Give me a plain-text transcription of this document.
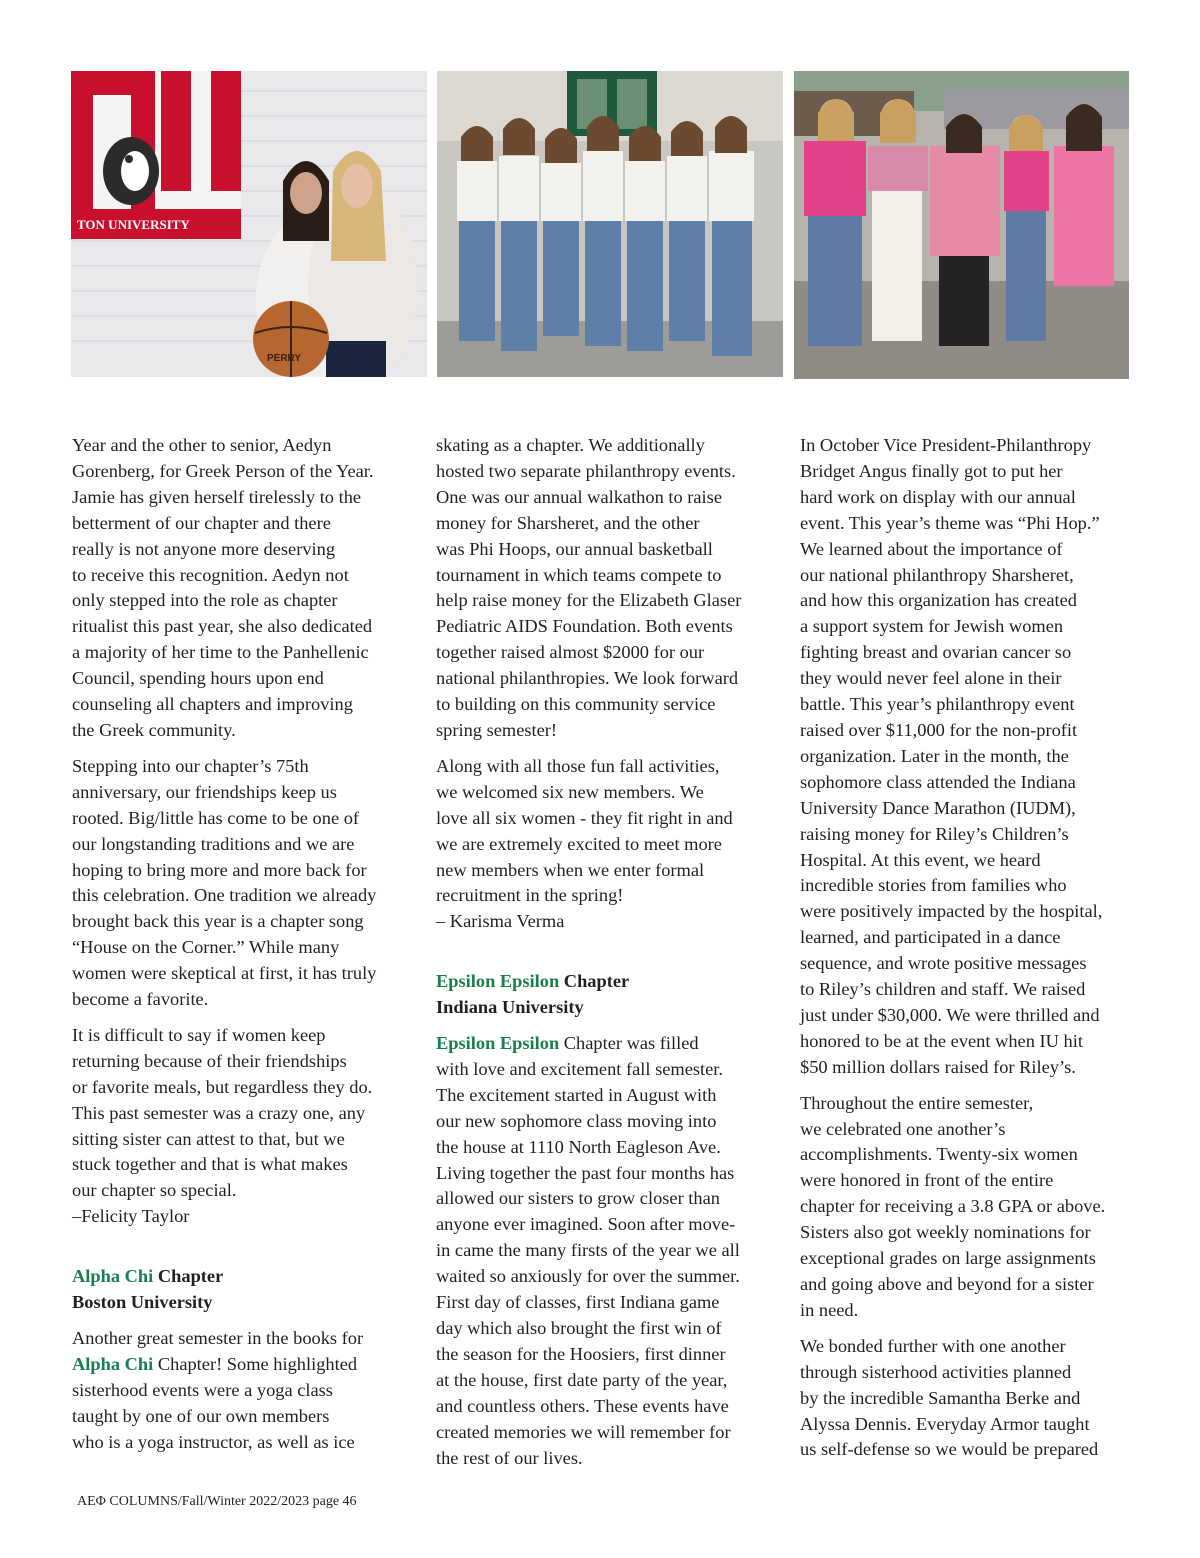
TON UNIVERSITY
PERRY

Year and the other to senior, Aedyn
Gorenberg, for Greek Person of the Year.
Jamie has given herself tirelessly to the
betterment of our chapter and there
really is not anyone more deserving
to receive this recognition. Aedyn not
only stepped into the role as chapter
ritualist this past year, she also dedicated
a majority of her time to the Panhellenic
Council, spending hours upon end
counseling all chapters and improving
the Greek community.

Stepping into our chapter’s 75th
anniversary, our friendships keep us
rooted. Big/little has come to be one of
our longstanding traditions and we are
hoping to bring more and more back for
this celebration. One tradition we already
brought back this year is a chapter song
“House on the Corner.” While many
women were skeptical at first, it has truly
become a favorite.

It is difficult to say if women keep
returning because of their friendships
or favorite meals, but regardless they do.
This past semester was a crazy one, any
sitting sister can attest to that, but we
stuck together and that is what makes
our chapter so special.
–Felicity Taylor

Alpha Chi Chapter
Boston University

Another great semester in the books for
Alpha Chi Chapter! Some highlighted
sisterhood events were a yoga class
taught by one of our own members
who is a yoga instructor, as well as ice

skating as a chapter. We additionally
hosted two separate philanthropy events.
One was our annual walkathon to raise
money for Sharsheret, and the other
was Phi Hoops, our annual basketball
tournament in which teams compete to
help raise money for the Elizabeth Glaser
Pediatric AIDS Foundation. Both events
together raised almost $2000 for our
national philanthropies. We look forward
to building on this community service
spring semester!

Along with all those fun fall activities,
we welcomed six new members. We
love all six women - they fit right in and
we are extremely excited to meet more
new members when we enter formal
recruitment in the spring!
– Karisma Verma

Epsilon Epsilon Chapter
Indiana University

Epsilon Epsilon Chapter was filled
with love and excitement fall semester.
The excitement started in August with
our new sophomore class moving into
the house at 1110 North Eagleson Ave.
Living together the past four months has
allowed our sisters to grow closer than
anyone ever imagined. Soon after move-
in came the many firsts of the year we all
waited so anxiously for over the summer.
First day of classes, first Indiana game
day which also brought the first win of
the season for the Hoosiers, first dinner
at the house, first date party of the year,
and countless others. These events have
created memories we will remember for
the rest of our lives.

In October Vice President-Philanthropy
Bridget Angus finally got to put her
hard work on display with our annual
event. This year’s theme was “Phi Hop.”
We learned about the importance of
our national philanthropy Sharsheret,
and how this organization has created
a support system for Jewish women
fighting breast and ovarian cancer so
they would never feel alone in their
battle. This year’s philanthropy event
raised over $11,000 for the non-profit
organization. Later in the month, the
sophomore class attended the Indiana
University Dance Marathon (IUDM),
raising money for Riley’s Children’s
Hospital. At this event, we heard
incredible stories from families who
were positively impacted by the hospital,
learned, and participated in a dance
sequence, and wrote positive messages
to Riley’s children and staff. We raised
just under $30,000. We were thrilled and
honored to be at the event when IU hit
$50 million dollars raised for Riley’s.

Throughout the entire semester,
we celebrated one another’s
accomplishments. Twenty-six women
were honored in front of the entire
chapter for receiving a 3.8 GPA or above.
Sisters also got weekly nominations for
exceptional grades on large assignments
and going above and beyond for a sister
in need.

We bonded further with one another
through sisterhood activities planned
by the incredible Samantha Berke and
Alyssa Dennis. Everyday Armor taught
us self-defense so we would be prepared

AEΦ COLUMNS/Fall/Winter 2022/2023 page 46
